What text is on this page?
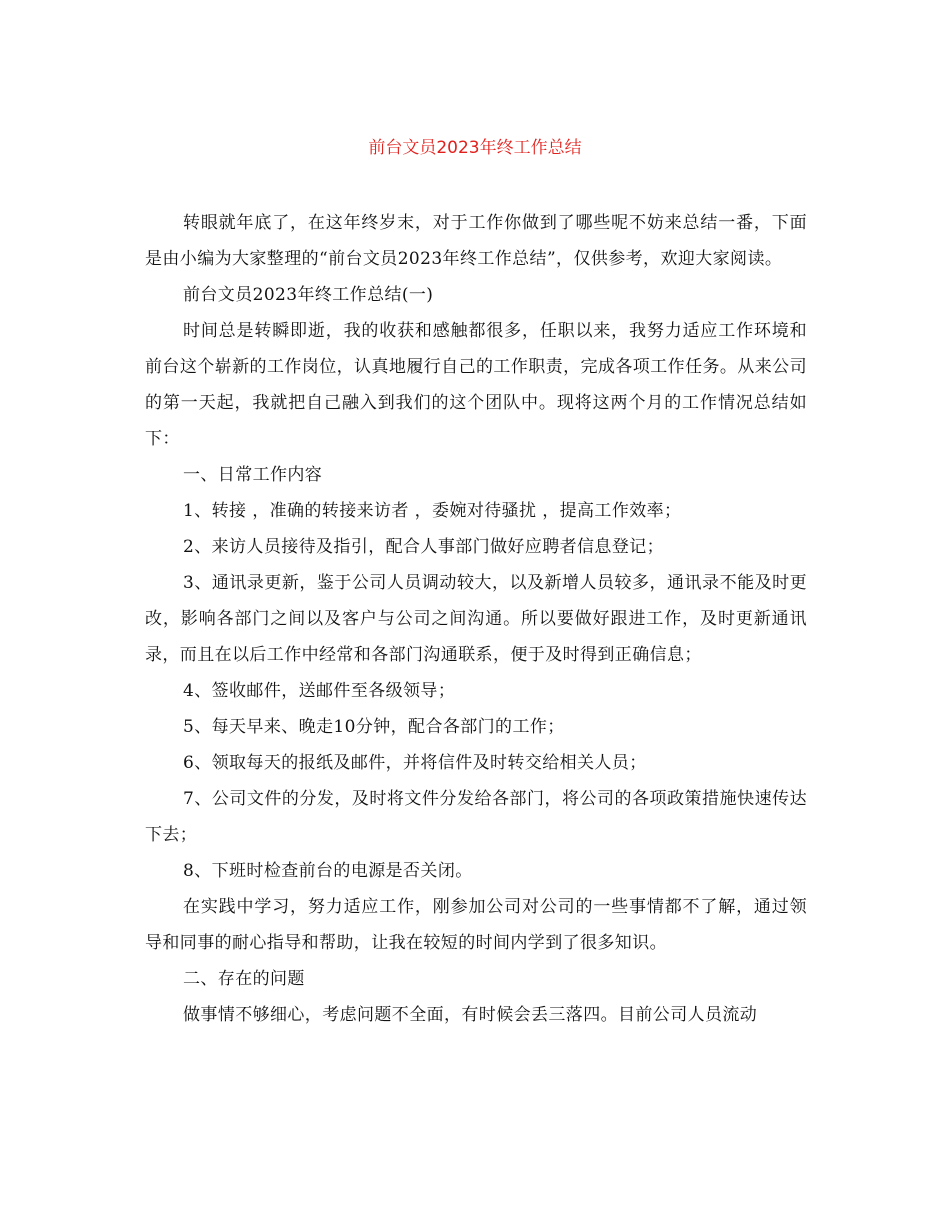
前台文员2023年终工作总结

转眼就年底了，在这年终岁末，对于工作你做到了哪些呢不妨来总结一番，下面是由小编为大家整理的“前台文员2023年终工作总结”，仅供参考，欢迎大家阅读。

前台文员2023年终工作总结(一)

时间总是转瞬即逝，我的收获和感触都很多，任职以来，我努力适应工作环境和前台这个崭新的工作岗位，认真地履行自己的工作职责，完成各项工作任务。从来公司的第一天起，我就把自己融入到我们的这个团队中。现将这两个月的工作情况总结如下：

一、日常工作内容

1、转接 ，准确的转接来访者 ，委婉对待骚扰 ，提高工作效率；

2、来访人员接待及指引，配合人事部门做好应聘者信息登记；

3、通讯录更新，鉴于公司人员调动较大，以及新增人员较多，通讯录不能及时更改，影响各部门之间以及客户与公司之间沟通。所以要做好跟进工作，及时更新通讯录，而且在以后工作中经常和各部门沟通联系，便于及时得到正确信息；

4、签收邮件，送邮件至各级领导；

5、每天早来、晚走10分钟，配合各部门的工作；

6、领取每天的报纸及邮件，并将信件及时转交给相关人员；

7、公司文件的分发，及时将文件分发给各部门，将公司的各项政策措施快速传达下去；

8、下班时检查前台的电源是否关闭。

在实践中学习，努力适应工作，刚参加公司对公司的一些事情都不了解，通过领导和同事的耐心指导和帮助，让我在较短的时间内学到了很多知识。

二、存在的问题

做事情不够细心，考虑问题不全面，有时候会丢三落四。目前公司人员流动
